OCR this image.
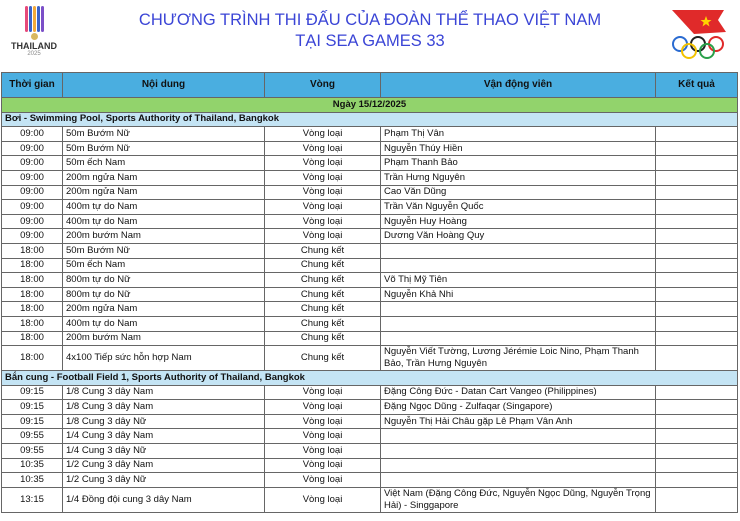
THAILAND
2025
CHƯƠNG TRÌNH THI ĐẤU CỦA ĐOÀN THỂ THAO VIỆT NAM
TẠI SEA GAMES 33
Thời gian	Nội dung	Vòng	Vận động viên	Kết quả
Ngày 15/12/2025				
Bơi - Swimming Pool, Sports Authority of Thailand, Bangkok				
09:00	50m Bướm Nữ	Vòng loại	Phạm Thị Vân	
09:00	50m Bướm Nữ	Vòng loại	Nguyễn Thúy Hiền	
09:00	50m ếch Nam	Vòng loại	Phạm Thanh Bảo	
09:00	200m ngửa Nam	Vòng loại	Trần Hưng Nguyên	
09:00	200m ngửa Nam	Vòng loại	Cao Văn Dũng	
09:00	400m tự do Nam	Vòng loại	Trần Văn Nguyễn Quốc	
09:00	400m tự do Nam	Vòng loại	Nguyễn Huy Hoàng	
09:00	200m bướm Nam	Vòng loại	Dương Văn Hoàng Quy	
18:00	50m Bướm Nữ	Chung kết		
18:00	50m ếch Nam	Chung kết		
18:00	800m tự do Nữ	Chung kết	Võ Thị Mỹ Tiên	
18:00	800m tự do Nữ	Chung kết	Nguyễn Khả Nhi	
18:00	200m ngửa Nam	Chung kết		
18:00	400m tự do Nam	Chung kết		
18:00	200m bướm Nam	Chung kết		
18:00	4x100 Tiếp sức hỗn hợp Nam	Chung kết	Nguyễn Viết Tường, Lương Jérémie Loic Nino, Phạm Thanh Bảo, Trần Hưng Nguyên	
Bắn cung - Football Field 1, Sports Authority of Thailand, Bangkok				
09:15	1/8 Cung 3 dây Nam	Vòng loại	Đặng Công Đức - Datan Cart Vangeo (Philippines)	
09:15	1/8 Cung 3 dây Nam	Vòng loại	Đặng Ngọc Dũng - Zulfaqar (Singapore)	
09:15	1/8 Cung 3 dây Nữ	Vòng loại	Nguyễn Thị Hải Châu gặp Lê Phạm Vân Anh	
09:55	1/4 Cung 3 dây Nam	Vòng loại		
09:55	1/4 Cung 3 dây Nữ	Vòng loại		
10:35	1/2 Cung 3 dây Nam	Vòng loại		
10:35	1/2 Cung 3 dây Nữ	Vòng loại		
13:15	1/4 Đồng đội cung 3 dây Nam	Vòng loại	Việt Nam (Đặng Công Đức, Nguyễn Ngọc Dũng, Nguyễn Trọng Hải) - Singgapore	
